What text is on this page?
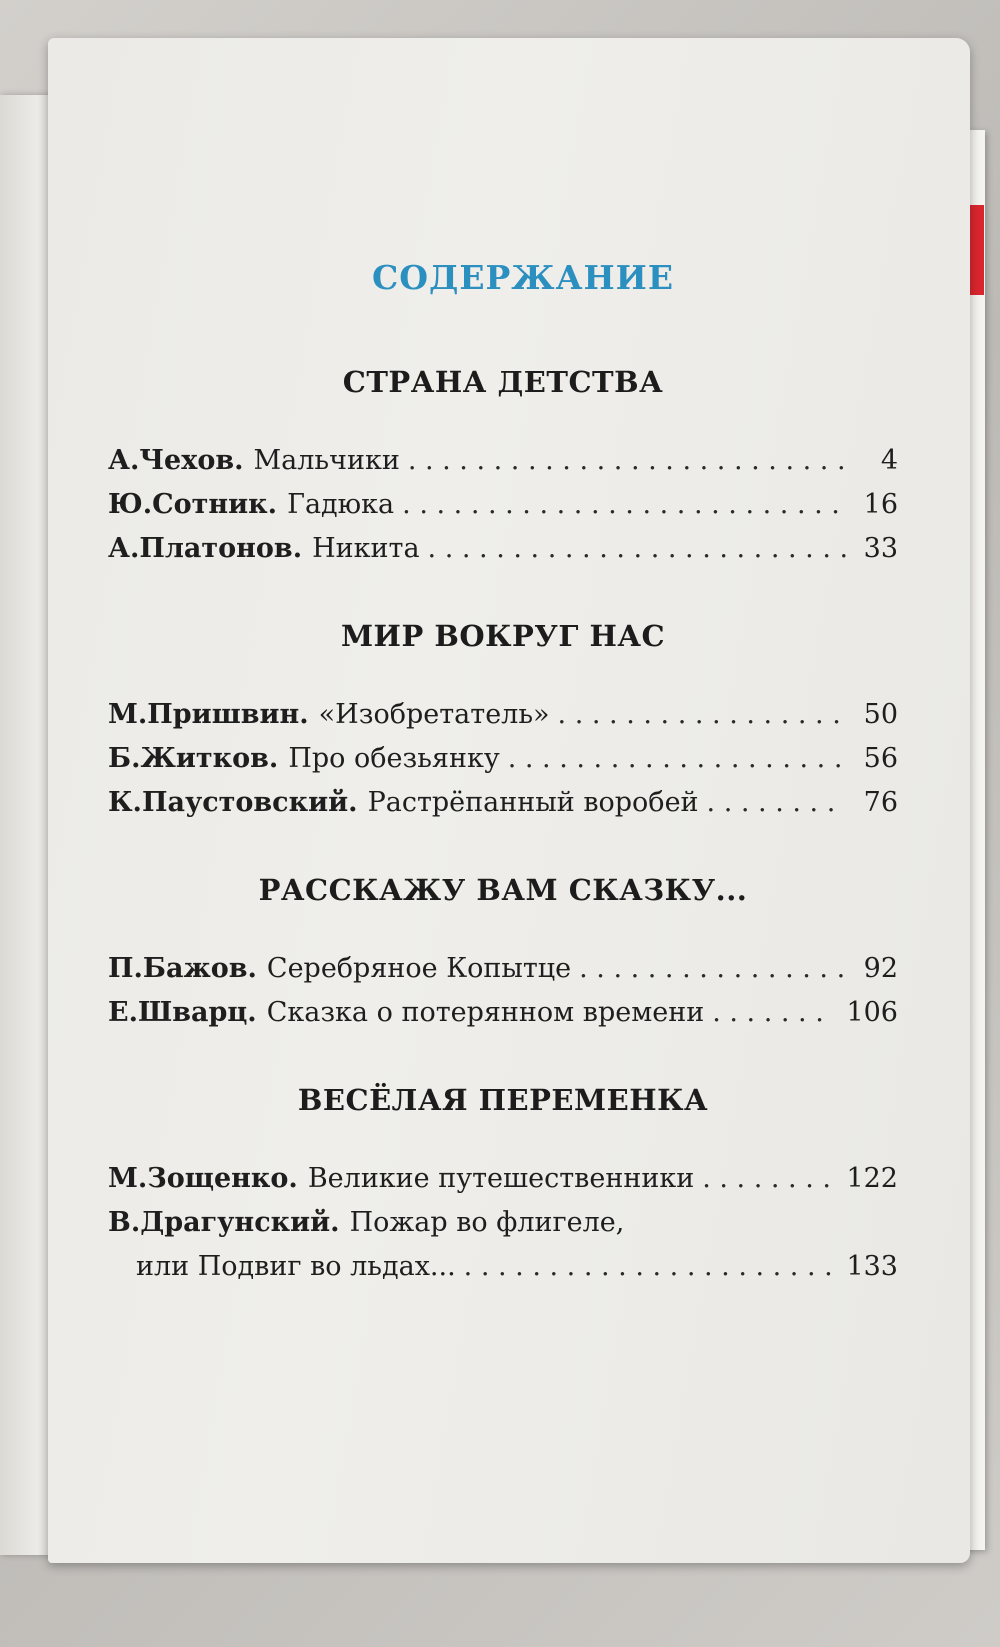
СОДЕРЖАНИЕ
СТРАНА ДЕТСТВА
А.Чехов. Мальчики . . .	4
Ю.Сотник. Гадюка . . .	16
А.Платонов. Никита . . .	33
МИР ВОКРУГ НАС
М.Пришвин. «Изобретатель» . . .	50
Б.Житков. Про обезьянку . . .	56
К.Паустовский. Растрёпанный воробей . . .	76
РАССКАЖУ ВАМ СКАЗКУ...
П.Бажов. Серебряное Копытце . . .	92
Е.Шварц. Сказка о потерянном времени . . .	106
ВЕСЁЛАЯ ПЕРЕМЕНКА
М.Зощенко. Великие путешественники . . .	122
В.Драгунский. Пожар во флигеле,
или Подвиг во льдах... . . .	133
